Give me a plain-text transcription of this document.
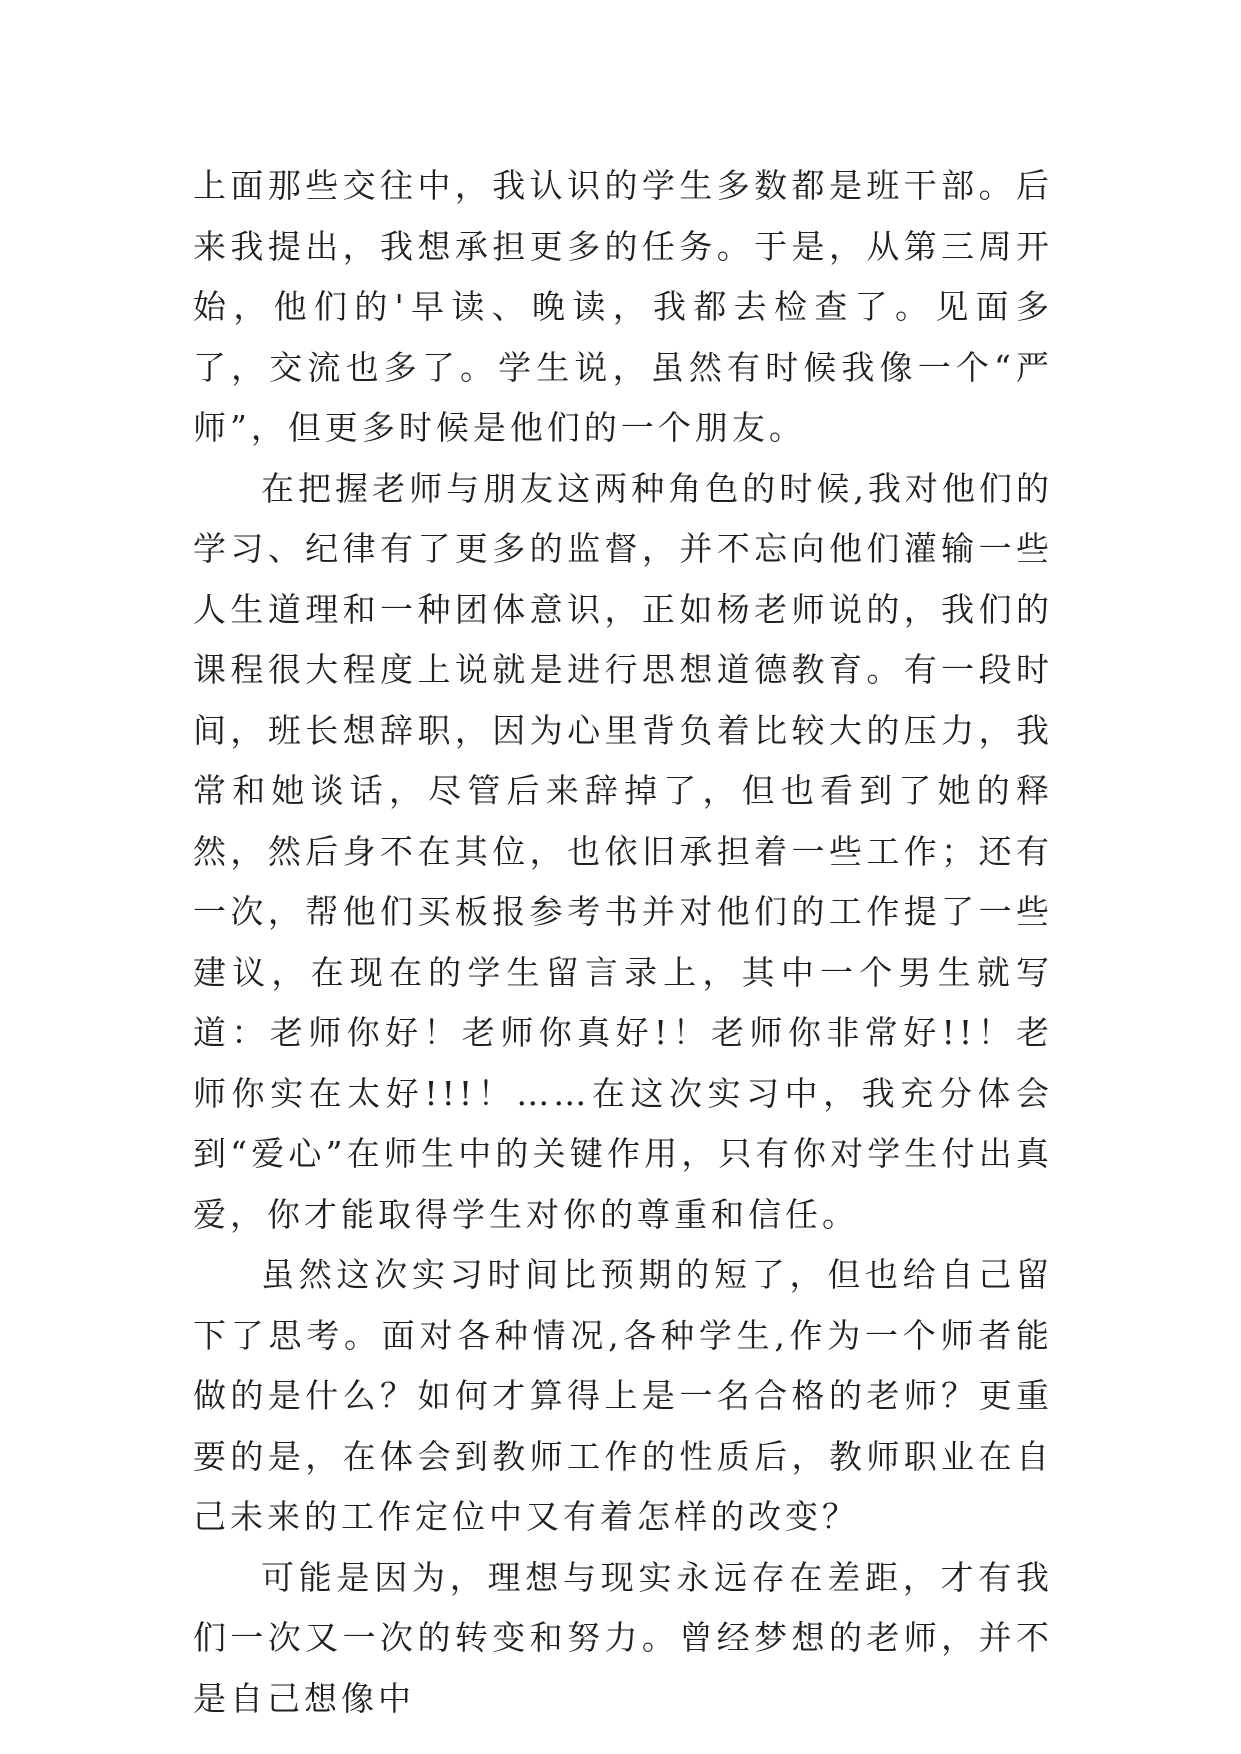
上面那些交往中，我认识的学生多数都是班干部。后来我提出，我想承担更多的任务。于是，从第三周开始，他们的'早读、晚读，我都去检查了。见面多了，交流也多了。学生说，虽然有时候我像一个“严师”，但更多时候是他们的一个朋友。

在把握老师与朋友这两种角色的时候,我对他们的学习、纪律有了更多的监督，并不忘向他们灌输一些人生道理和一种团体意识，正如杨老师说的，我们的课程很大程度上说就是进行思想道德教育。有一段时间，班长想辞职，因为心里背负着比较大的压力，我常和她谈话，尽管后来辞掉了，但也看到了她的释然，然后身不在其位，也依旧承担着一些工作；还有一次，帮他们买板报参考书并对他们的工作提了一些建议，在现在的学生留言录上，其中一个男生就写道：老师你好！老师你真好!！老师你非常好!!！老师你实在太好!!!！……在这次实习中，我充分体会到“爱心”在师生中的关键作用，只有你对学生付出真爱，你才能取得学生对你的尊重和信任。

虽然这次实习时间比预期的短了，但也给自己留下了思考。面对各种情况,各种学生,作为一个师者能做的是什么？如何才算得上是一名合格的老师？更重要的是，在体会到教师工作的性质后，教师职业在自己未来的工作定位中又有着怎样的改变？

可能是因为，理想与现实永远存在差距，才有我们一次又一次的转变和努力。曾经梦想的老师，并不是自己想像中
